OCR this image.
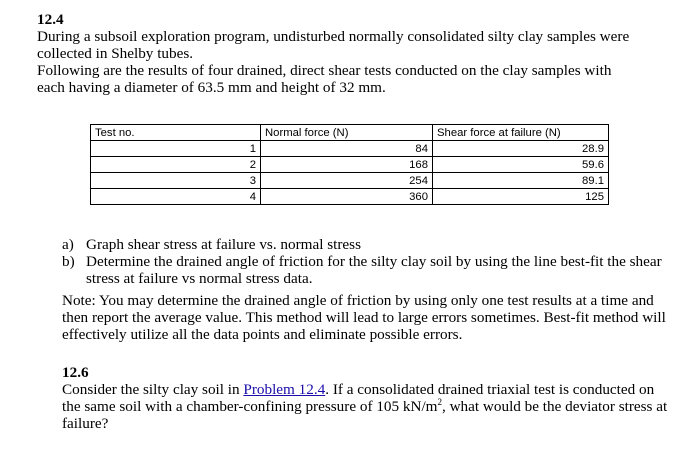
12.4
During a subsoil exploration program, undisturbed normally consolidated silty clay samples were
collected in Shelby tubes.
Following are the results of four drained, direct shear tests conducted on the clay samples with
each having a diameter of 63.5 mm and height of 32 mm.
Test no.	Normal force (N)	Shear force at failure (N)
1	84	28.9
2	168	59.6
3	254	89.1
4	360	125
a) Graph shear stress at failure vs. normal stress
b) Determine the drained angle of friction for the silty clay soil by using the line best-fit the shear stress at failure vs normal stress data.
Note: You may determine the drained angle of friction by using only one test results at a time and then report the average value. This method will lead to large errors sometimes. Best-fit method will effectively utilize all the data points and eliminate possible errors.
12.6
Consider the silty clay soil in Problem 12.4. If a consolidated drained triaxial test is conducted on the same soil with a chamber-confining pressure of 105 $kN/m^2$, what would be the deviator stress at failure?
